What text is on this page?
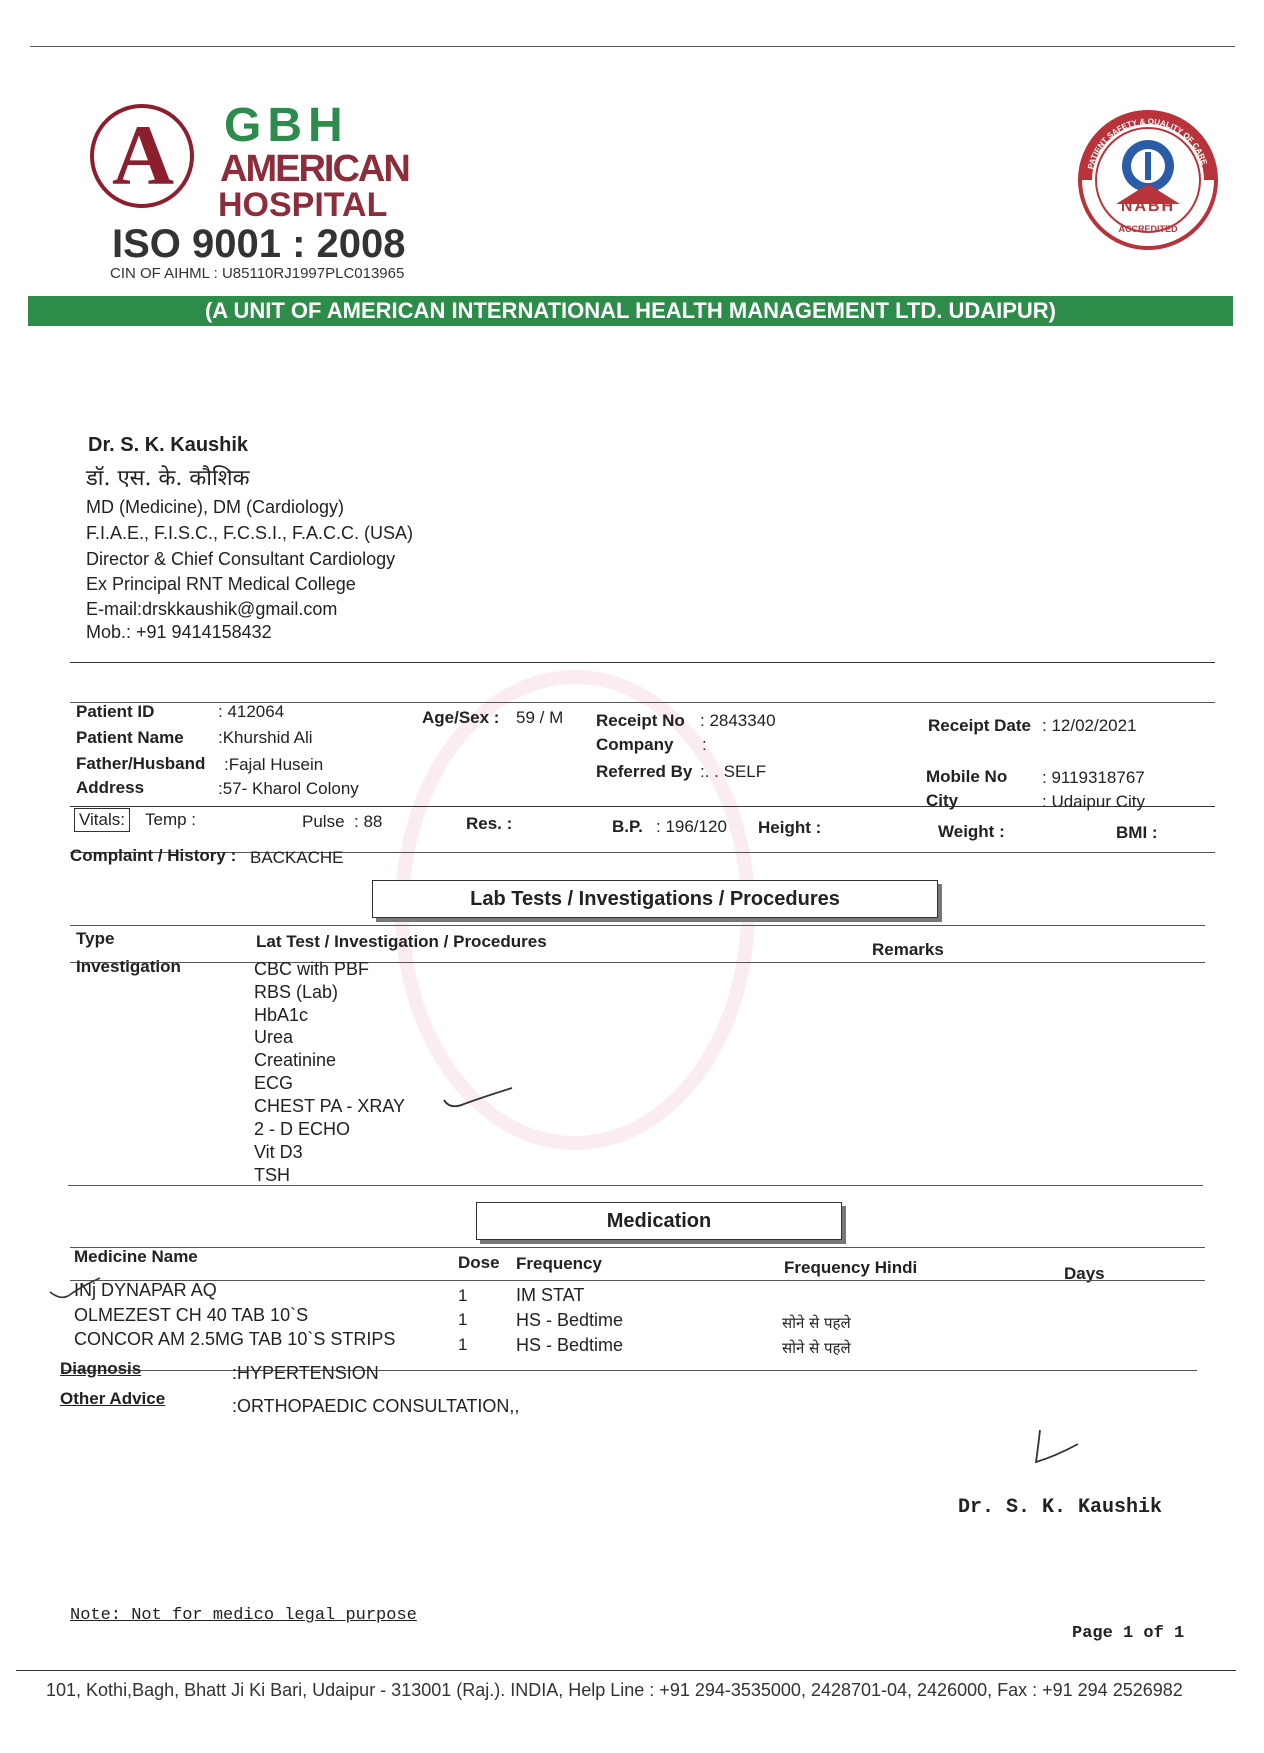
A GBH
AMERICAN
HOSPITAL
ISO 9001 : 2008
CIN OF AIHML : U85110RJ1997PLC013965
PATIENT SAFETY & QUALITY OF CARE
NABH
ACCREDITED
(A UNIT OF AMERICAN INTERNATIONAL HEALTH MANAGEMENT LTD. UDAIPUR)
Dr. S. K. Kaushik
डॉ. एस. के. कौशिक
MD (Medicine), DM (Cardiology)
F.I.A.E., F.I.S.C., F.C.S.I., F.A.C.C. (USA)
Director & Chief Consultant Cardiology
Ex Principal RNT Medical College
E-mail:drskkaushik@gmail.com
Mob.: +91 9414158432
Patient ID	: 412064
Patient Name :Khurshid Ali
Father/Husband :Fajal Husein
Address	:57- Kharol Colony
Age/Sex : 59 / M Receipt No : 2843340
Company :
Referred By :. . SELF
Receipt Date : 12/02/2021
Mobile No : 9119318767
City	: Udaipur City
Vitals: Temp :	Pulse : 88	Res. :	B.P. : 196/120 Height :	Weight :	BMI :
Complaint / History : BACKACHE
Lab Tests / Investigations / Procedures
Type	Lat Test / Investigation / Procedures	Remarks
Investigation	CBC with PBF
RBS (Lab)
HbA1c
Urea
Creatinine
ECG
CHEST PA - XRAY
2 - D ECHO
Vit D3
TSH
Medication
Medicine Name	Dose Frequency	Frequency Hindi	Days
INj DYNAPAR AQ	1	IM STAT
OLMEZEST CH 40 TAB 10`S	1	HS - Bedtime	सोने से पहले
CONCOR AM 2.5MG TAB 10`S STRIPS	1	HS - Bedtime	सोने से पहले
Diagnosis	:HYPERTENSION
Other Advice	:ORTHOPAEDIC CONSULTATION,,
Dr. S. K. Kaushik
Note: Not for medico legal purpose
Page 1 of 1
101, Kothi,Bagh, Bhatt Ji Ki Bari, Udaipur - 313001 (Raj.). INDIA, Help Line : +91 294-3535000, 2428701-04, 2426000, Fax : +91 294 2526982
